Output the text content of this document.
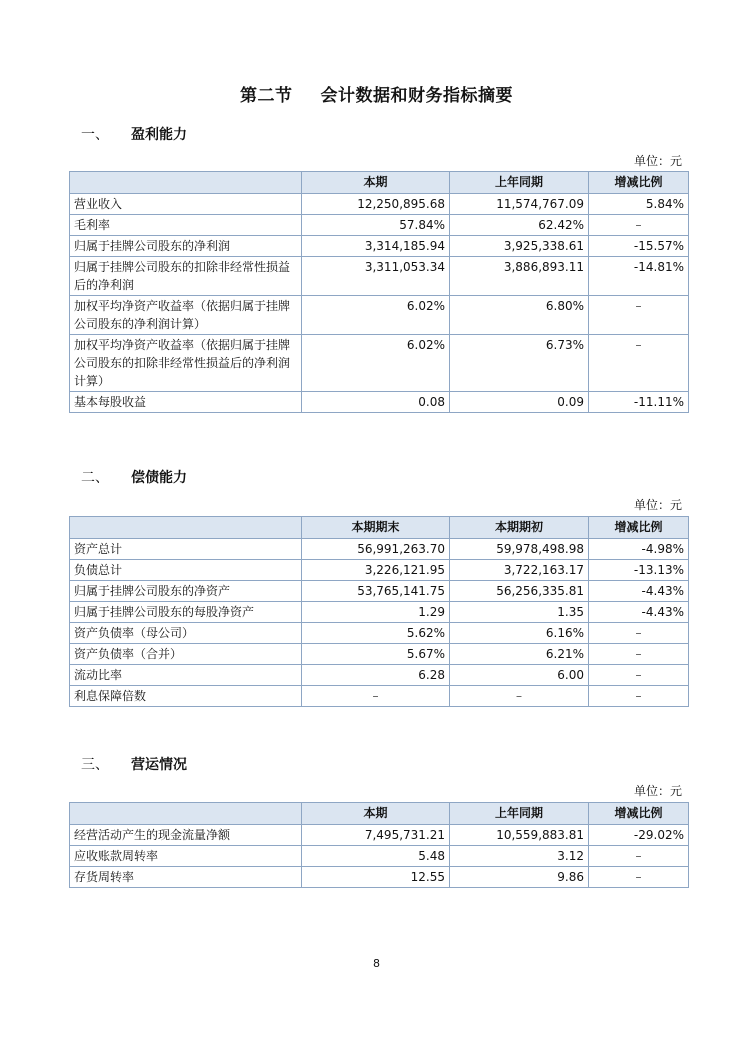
第二节 会计数据和财务指标摘要
一、 盈利能力
单位：元
	本期	上年同期	增减比例
营业收入	12,250,895.68	11,574,767.09	5.84%
毛利率	57.84%	62.42%	–
归属于挂牌公司股东的净利润	3,314,185.94	3,925,338.61	-15.57%
归属于挂牌公司股东的扣除非经常性损益后的净利润	3,311,053.34	3,886,893.11	-14.81%
加权平均净资产收益率（依据归属于挂牌公司股东的净利润计算）	6.02%	6.80%	–
加权平均净资产收益率（依据归属于挂牌公司股东的扣除非经常性损益后的净利润计算）	6.02%	6.73%	–
基本每股收益	0.08	0.09	-11.11%
二、 偿债能力
单位：元
	本期期末	本期期初	增减比例
资产总计	56,991,263.70	59,978,498.98	-4.98%
负债总计	3,226,121.95	3,722,163.17	-13.13%
归属于挂牌公司股东的净资产	53,765,141.75	56,256,335.81	-4.43%
归属于挂牌公司股东的每股净资产	1.29	1.35	-4.43%
资产负债率（母公司）	5.62%	6.16%	–
资产负债率（合并）	5.67%	6.21%	–
流动比率	6.28	6.00	–
利息保障倍数	–	–	–
三、 营运情况
单位：元
	本期	上年同期	增减比例
经营活动产生的现金流量净额	7,495,731.21	10,559,883.81	-29.02%
应收账款周转率	5.48	3.12	–
存货周转率	12.55	9.86	–
8
